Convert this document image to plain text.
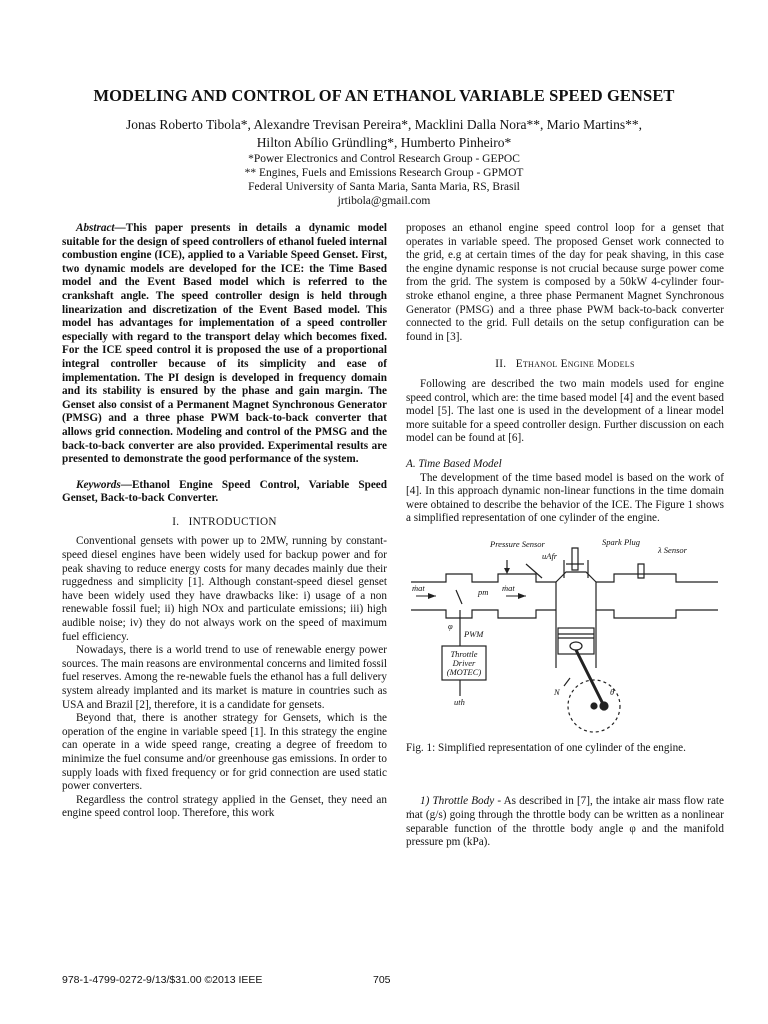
MODELING AND CONTROL OF AN ETHANOL VARIABLE SPEED GENSET
Jonas Roberto Tibola*, Alexandre Trevisan Pereira*, Macklini Dalla Nora**, Mario Martins**,
Hilton Abílio Gründling*, Humberto Pinheiro*
*Power Electronics and Control Research Group - GEPOC
** Engines, Fuels and Emissions Research Group - GPMOT
Federal University of Santa Maria, Santa Maria, RS, Brasil
jrtibola@gmail.com
Abstract—This paper presents in details a dynamic model suitable for the design of speed controllers of ethanol fueled internal combustion engine (ICE), applied to a Variable Speed Genset. First, two dynamic models are developed for the ICE: the Time Based model and the Event Based model which is referred to the crankshaft angle. The speed controller design is held through linearization and discretization of the Event Based model. This model has advantages for implementation of a speed controller especially with regard to the transport delay which becomes fixed. For the ICE speed control it is proposed the use of a proportional integral controller because of its simplicity and ease of implementation. The PI design is developed in frequency domain and its stability is ensured by the phase and gain margin. The Genset also consist of a Permanent Magnet Synchronous Generator (PMSG) and a three phase PWM back-to-back converter that allows grid connection. Modeling and control of the PMSG and the back-to-back converter are also provided. Experimental results are presented to demonstrate the good performance of the system.
Keywords—Ethanol Engine Speed Control, Variable Speed Genset, Back-to-back Converter.
I. INTRODUCTION

Conventional gensets with power up to 2MW, running by constant-speed diesel engines have been widely used for backup power and for peak shaving to reduce energy costs for many decades mainly due their ruggedness and simplicity [1]. Although constant-speed diesel genset have been widely used they have drawbacks like: i) usage of a non renewable fossil fuel; ii) high NOx and particulate emissions; iii) high audible noise; iv) they do not always work on the speed of maximum fuel efficiency.

Nowadays, there is a world trend to use of renewable energy power sources. The main reasons are environmental concerns and limited fossil fuel reserves. Among the re-newable fuels the ethanol has a full delivery system already implanted and its market is mature in countries such as USA and Brazil [2], therefore, it is a candidate for gensets.

Beyond that, there is another strategy for Gensets, which is the operation of the engine in variable speed [1]. In this strategy the engine can operate in a wide speed range, creating a degree of freedom to minimize the fuel consume and/or greenhouse gas emissions. In order to supply loads with fixed frequency or for grid connection are used static power converters.

Regardless the control strategy applied in the Genset, they need an engine speed control loop. Therefore, this work

proposes an ethanol engine speed control loop for a genset that operates in variable speed. The proposed Genset work connected to the grid, e.g at certain times of the day for peak shaving, in this case the engine dynamic response is not crucial because surge power come from the grid. The system is composed by a 50kW 4-cylinder four-stroke ethanol engine, a three phase Permanent Magnet Synchronous Generator (PMSG) and a three phase PWM back-to-back converter connected to the grid. Full details on the setup configuration can be found in [3].

II. Ethanol Engine Models

Following are described the two main models used for engine speed control, which are: the time based model [4] and the event based model [5]. The last one is used in the development of a linear model more suitable for a speed controller design. Further discussion on each model can be found at [6].

A. Time Based Model

The development of the time based model is based on the work of [4]. In this approach dynamic non-linear functions in the time domain were obtained to describe the behavior of the ICE. The Figure 1 shows a simplified representation of one cylinder of the engine.

Pressure Sensor	Spark Plug
λ Sensor
uAfr
ṁat	ṁat
pm
φ
PWM
Throttle Driver
(MOTEC)
uth
N	θ
Fig. 1: Simplified representation of one cylinder of the engine.

1) Throttle Body - As described in [7], the intake air mass flow rate ṁat (g/s) going through the throttle body can be written as a nonlinear separable function of the throttle body angle φ and the manifold pressure pm (kPa).

978-1-4799-0272-9/13/$31.00 ©2013 IEEE	705
